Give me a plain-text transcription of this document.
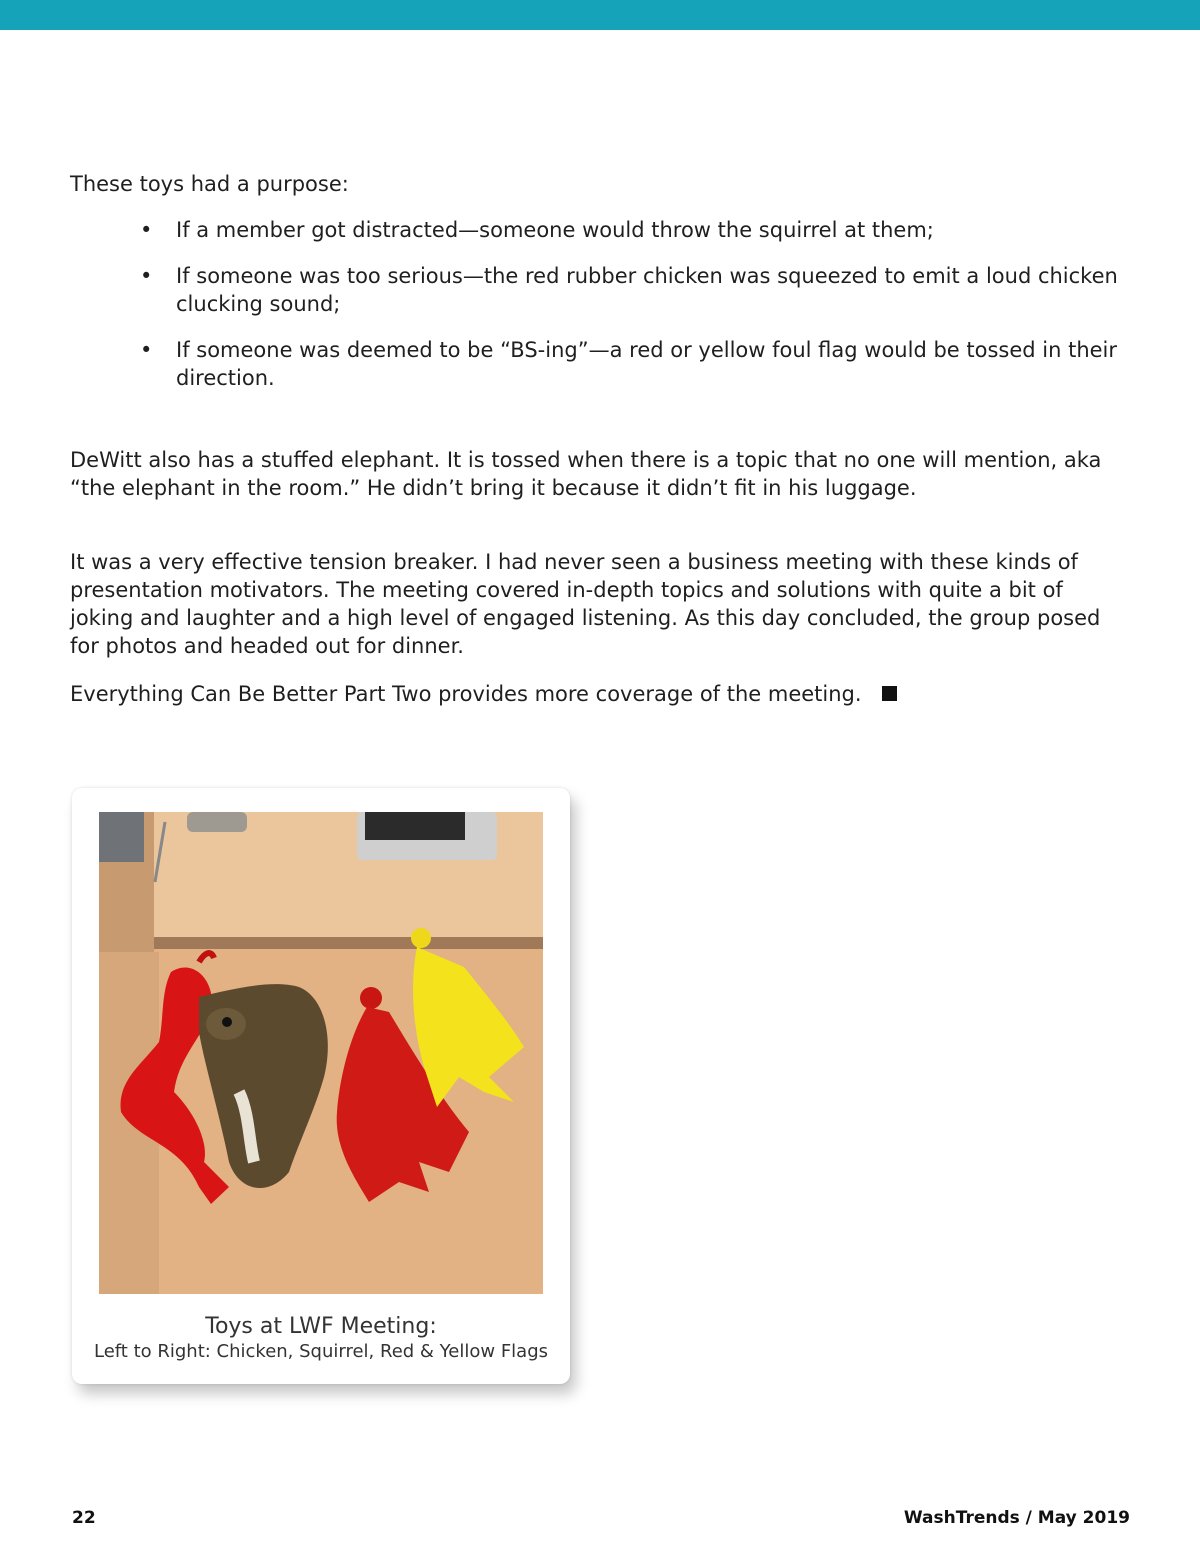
These toys had a purpose:

• If a member got distracted—someone would throw the squirrel at them;
• If someone was too serious—the red rubber chicken was squeezed to emit a loud chicken clucking sound;
• If someone was deemed to be “BS-ing”—a red or yellow foul flag would be tossed in their direction.

DeWitt also has a stuffed elephant. It is tossed when there is a topic that no one will mention, aka “the elephant in the room.” He didn’t bring it because it didn’t fit in his luggage.

It was a very effective tension breaker. I had never seen a business meeting with these kinds of presentation motivators. The meeting covered in-depth topics and solutions with quite a bit of joking and laughter and a high level of engaged listening. As this day concluded, the group posed for photos and headed out for dinner.

Everything Can Be Better Part Two provides more coverage of the meeting.

Toys at LWF Meeting:
Left to Right: Chicken, Squirrel, Red & Yellow Flags
22	WashTrends / May 2019
